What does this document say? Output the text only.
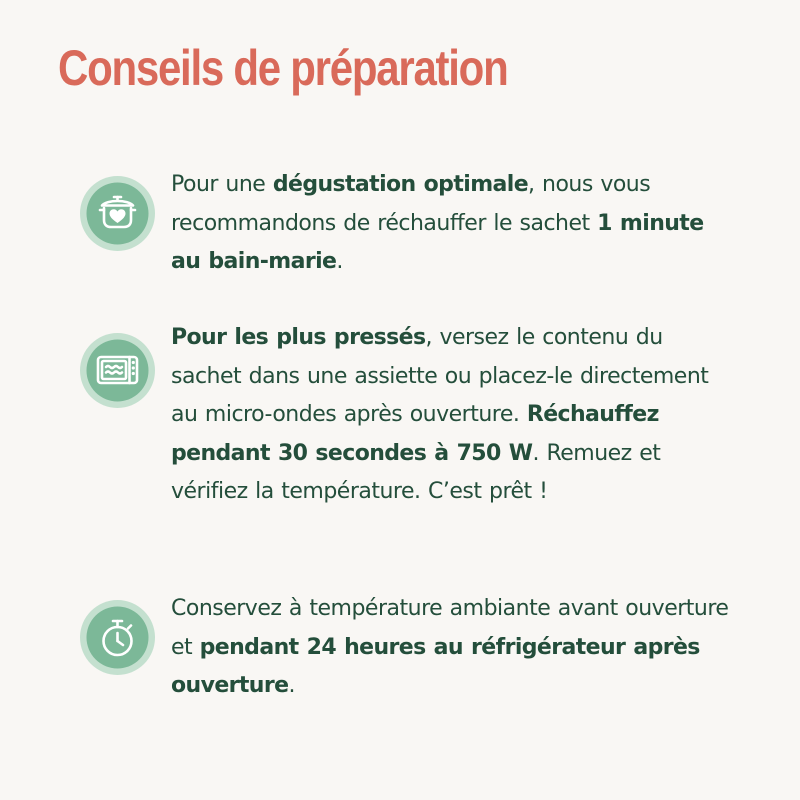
Conseils de préparation
Pour une dégustation optimale, nous vous recommandons de réchauffer le sachet 1 minute au bain-marie.
Pour les plus pressés, versez le contenu du sachet dans une assiette ou placez-le directement au micro-ondes après ouverture. Réchauffez pendant 30 secondes à 750 W. Remuez et vérifiez la température. C’est prêt !
Conservez à température ambiante avant ouverture et pendant 24 heures au réfrigérateur après ouverture.
